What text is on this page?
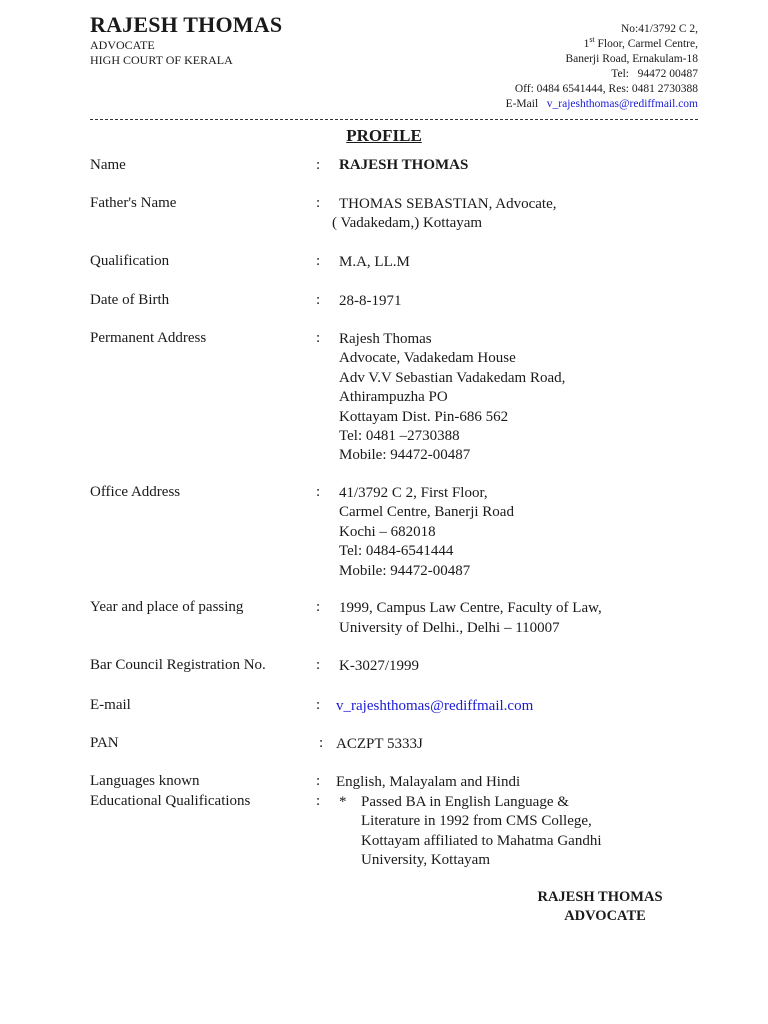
RAJESH THOMAS
ADVOCATE
HIGH COURT OF KERALA
No:41/3792 C 2,
1st Floor, Carmel Centre,
Banerji Road, Ernakulam-18
Tel: 94472 00487
Off: 0484 6541444, Res: 0481 2730388
E-Mail v_rajeshthomas@rediffmail.com
PROFILE
Name	: RAJESH THOMAS
Father's Name	: THOMAS SEBASTIAN, Advocate,
( Vadakedam,) Kottayam
Qualification	: M.A, LL.M
Date of Birth	: 28-8-1971
Permanent Address	: Rajesh Thomas
Advocate, Vadakedam House
Adv V.V Sebastian Vadakedam Road,
Athirampuzha PO
Kottayam Dist. Pin-686 562
Tel: 0481 –2730388
Mobile: 94472-00487
Office Address	: 41/3792 C 2, First Floor,
Carmel Centre, Banerji Road
Kochi – 682018
Tel: 0484-6541444
Mobile: 94472-00487
Year and place of passing	: 1999, Campus Law Centre, Faculty of Law,
University of Delhi., Delhi – 110007
Bar Council Registration No.	: K-3027/1999
E-mail	: v_rajeshthomas@rediffmail.com
PAN	: ACZPT 5333J
Languages known	: English, Malayalam and Hindi
Educational Qualifications	: * Passed BA in English Language &
Literature in 1992 from CMS College,
Kottayam affiliated to Mahatma Gandhi
University, Kottayam
RAJESH THOMAS
ADVOCATE
